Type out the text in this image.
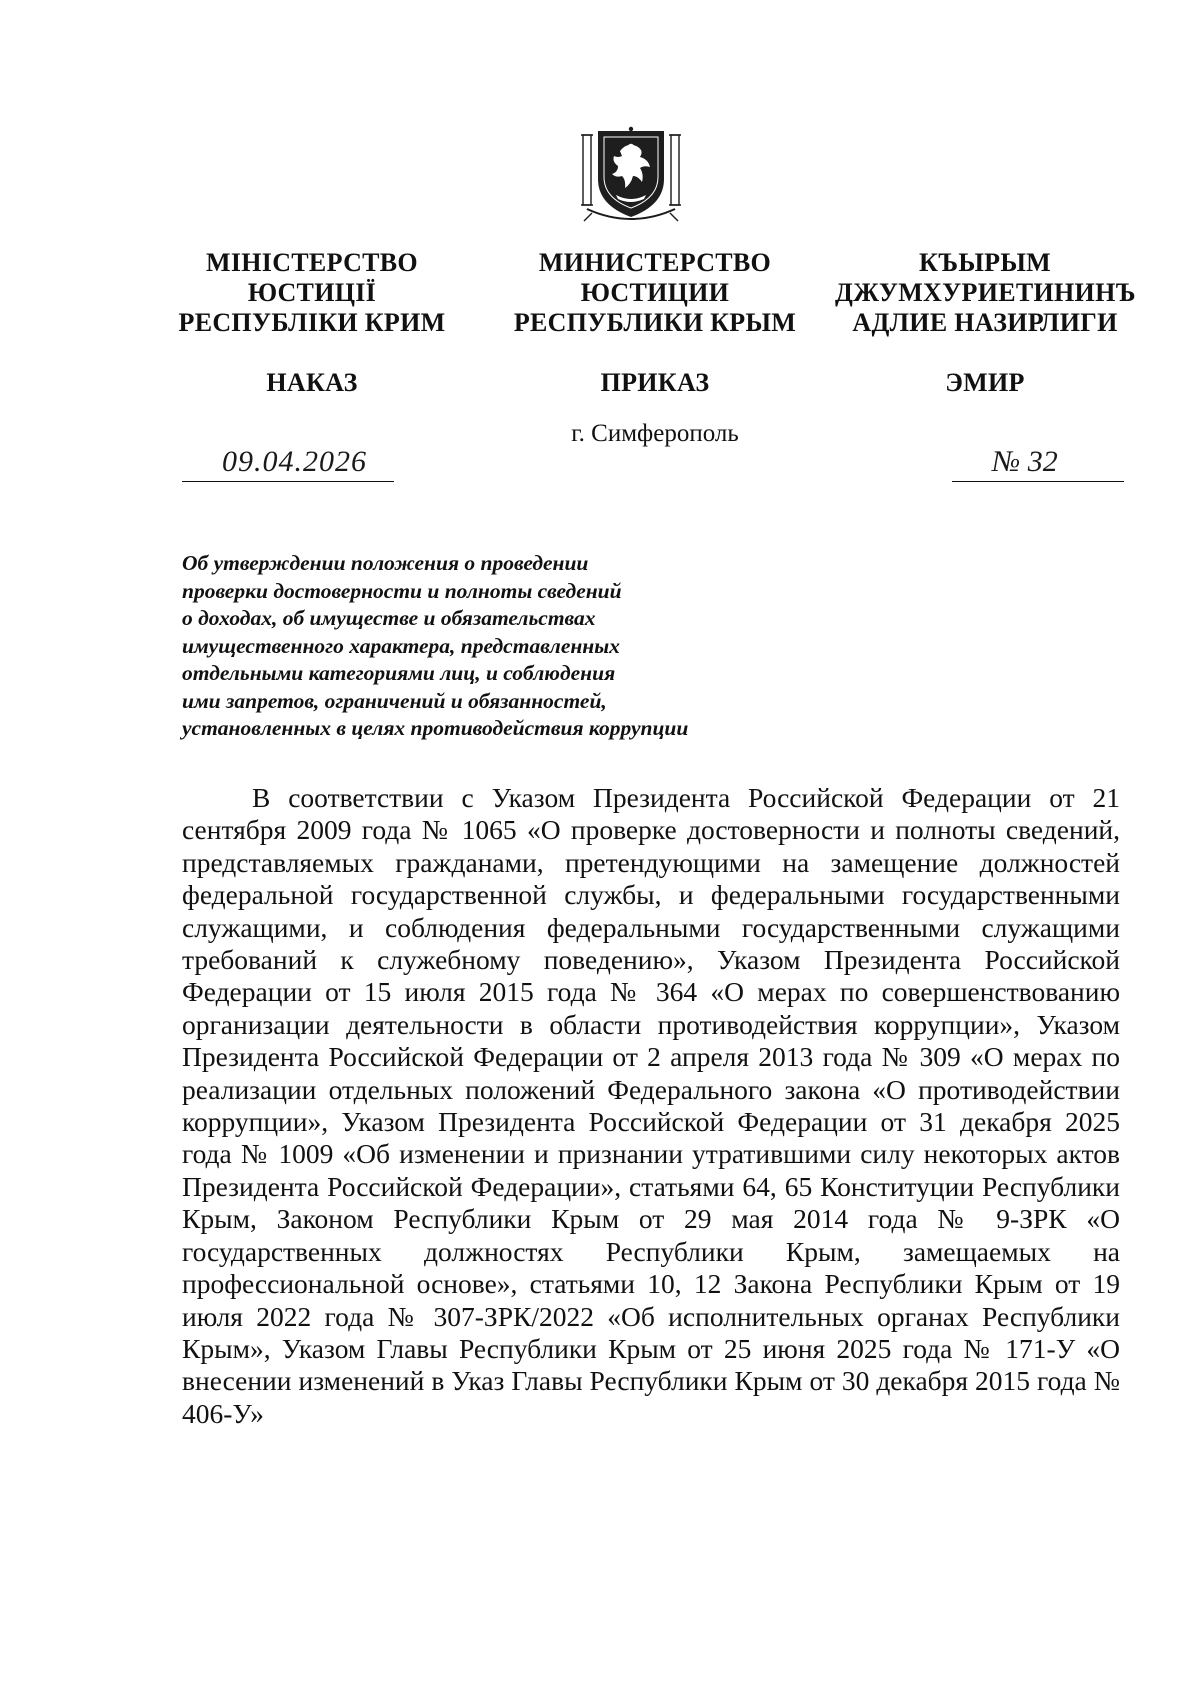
МІНІСТЕРСТВО
ЮСТИЦІЇ
РЕСПУБЛІКИ КРИМ
НАКАЗ
МИНИСТЕРСТВО
ЮСТИЦИИ
РЕСПУБЛИКИ КРЫМ
ПРИКАЗ
КЪЫРЫМ
ДЖУМХУРИЕТИНИНЪ
АДЛИЕ НАЗИРЛИГИ
ЭМИР
г. Симферополь
09.04.2026	№ 32
Об утверждении положения о проведении
проверки достоверности и полноты сведений
о доходах, об имуществе и обязательствах
имущественного характера, представленных
отдельными категориями лиц, и соблюдения
ими запретов, ограничений и обязанностей,
установленных в целях противодействия коррупции

В соответствии с Указом Президента Российской Федерации от 21 сентября 2009 года № 1065 «О проверке достоверности и полноты сведений, представляемых гражданами, претендующими на замещение должностей федеральной государственной службы, и федеральными государственными служащими, и соблюдения федеральными государственными служащими требований к служебному поведению», Указом Президента Российской Федерации от 15 июля 2015 года № 364 «О мерах по совершенствованию организации деятельности в области противодействия коррупции», Указом Президента Российской Федерации от 2 апреля 2013 года № 309 «О мерах по реализации отдельных положений Федерального закона «О противодействии коррупции», Указом Президента Российской Федерации от 31 декабря 2025 года № 1009 «Об изменении и признании утратившими силу некоторых актов Президента Российской Федерации», статьями 64, 65 Конституции Республики Крым, Законом Республики Крым от 29 мая 2014 года № 9-ЗРК «О государственных должностях Республики Крым, замещаемых на профессиональной основе», статьями 10, 12 Закона Республики Крым от 19 июля 2022 года № 307-ЗРК/2022 «Об исполнительных органах Республики Крым», Указом Главы Республики Крым от 25 июня 2025 года № 171-У «О внесении изменений в Указ Главы Республики Крым от 30 декабря 2015 года № 406-У»
